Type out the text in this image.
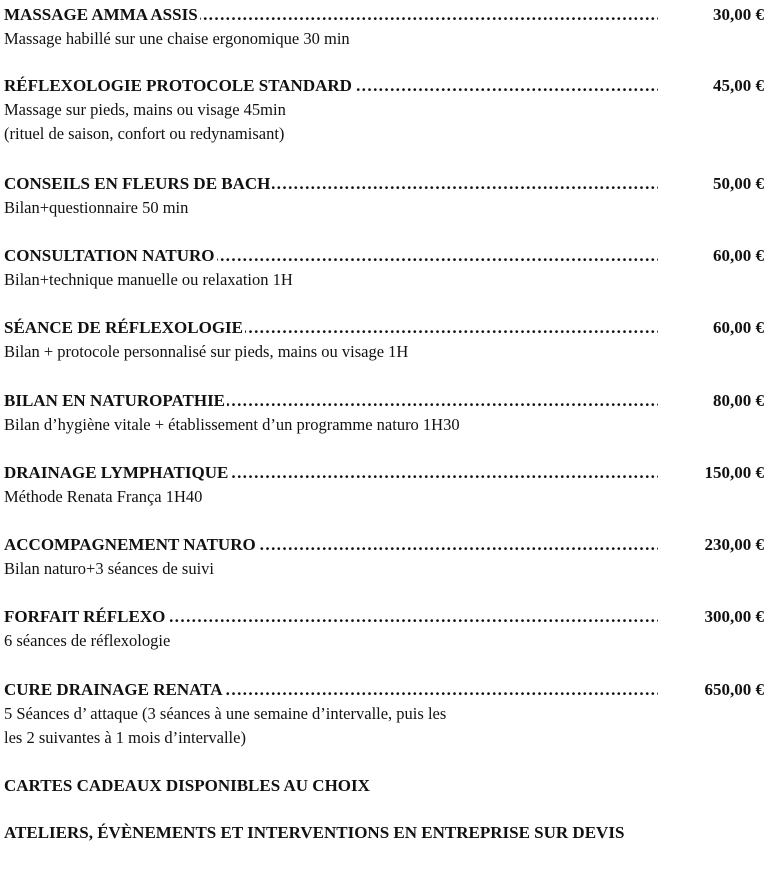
MASSAGE AMMA ASSIS ………………………………………………………………………………………………………………………………………………………………………………	30,00 €
Massage habillé sur une chaise ergonomique 30 min
RÉFLEXOLOGIE PROTOCOLE STANDARD ………………………………………………………………………………………………………………………………………………………………………………	45,00 €
Massage sur pieds, mains ou visage 45min
(rituel de saison, confort ou redynamisant)
CONSEILS EN FLEURS DE BACH ………………………………………………………………………………………………………………………………………………………………………………	50,00 €
Bilan+questionnaire 50 min
CONSULTATION NATURO ………………………………………………………………………………………………………………………………………………………………………………	60,00 €
Bilan+technique manuelle ou relaxation 1H
SÉANCE DE RÉFLEXOLOGIE ………………………………………………………………………………………………………………………………………………………………………………	60,00 €
Bilan + protocole personnalisé sur pieds, mains ou visage 1H
BILAN EN NATUROPATHIE ………………………………………………………………………………………………………………………………………………………………………………	80,00 €
Bilan d’hygiène vitale + établissement d’un programme naturo 1H30
DRAINAGE LYMPHATIQUE ………………………………………………………………………………………………………………………………………………………………………………	150,00 €
Méthode Renata França 1H40
ACCOMPAGNEMENT NATURO ………………………………………………………………………………………………………………………………………………………………………………	230,00 €
Bilan naturo+3 séances de suivi
FORFAIT RÉFLEXO ………………………………………………………………………………………………………………………………………………………………………………	300,00 €
6 séances de réflexologie
CURE DRAINAGE RENATA ………………………………………………………………………………………………………………………………………………………………………………	650,00 €
5 Séances d’ attaque (3 séances à une semaine d’intervalle, puis les
les 2 suivantes à 1 mois d’intervalle)
CARTES CADEAUX DISPONIBLES AU CHOIX
ATELIERS, ÉVÈNEMENTS ET INTERVENTIONS EN ENTREPRISE SUR DEVIS
